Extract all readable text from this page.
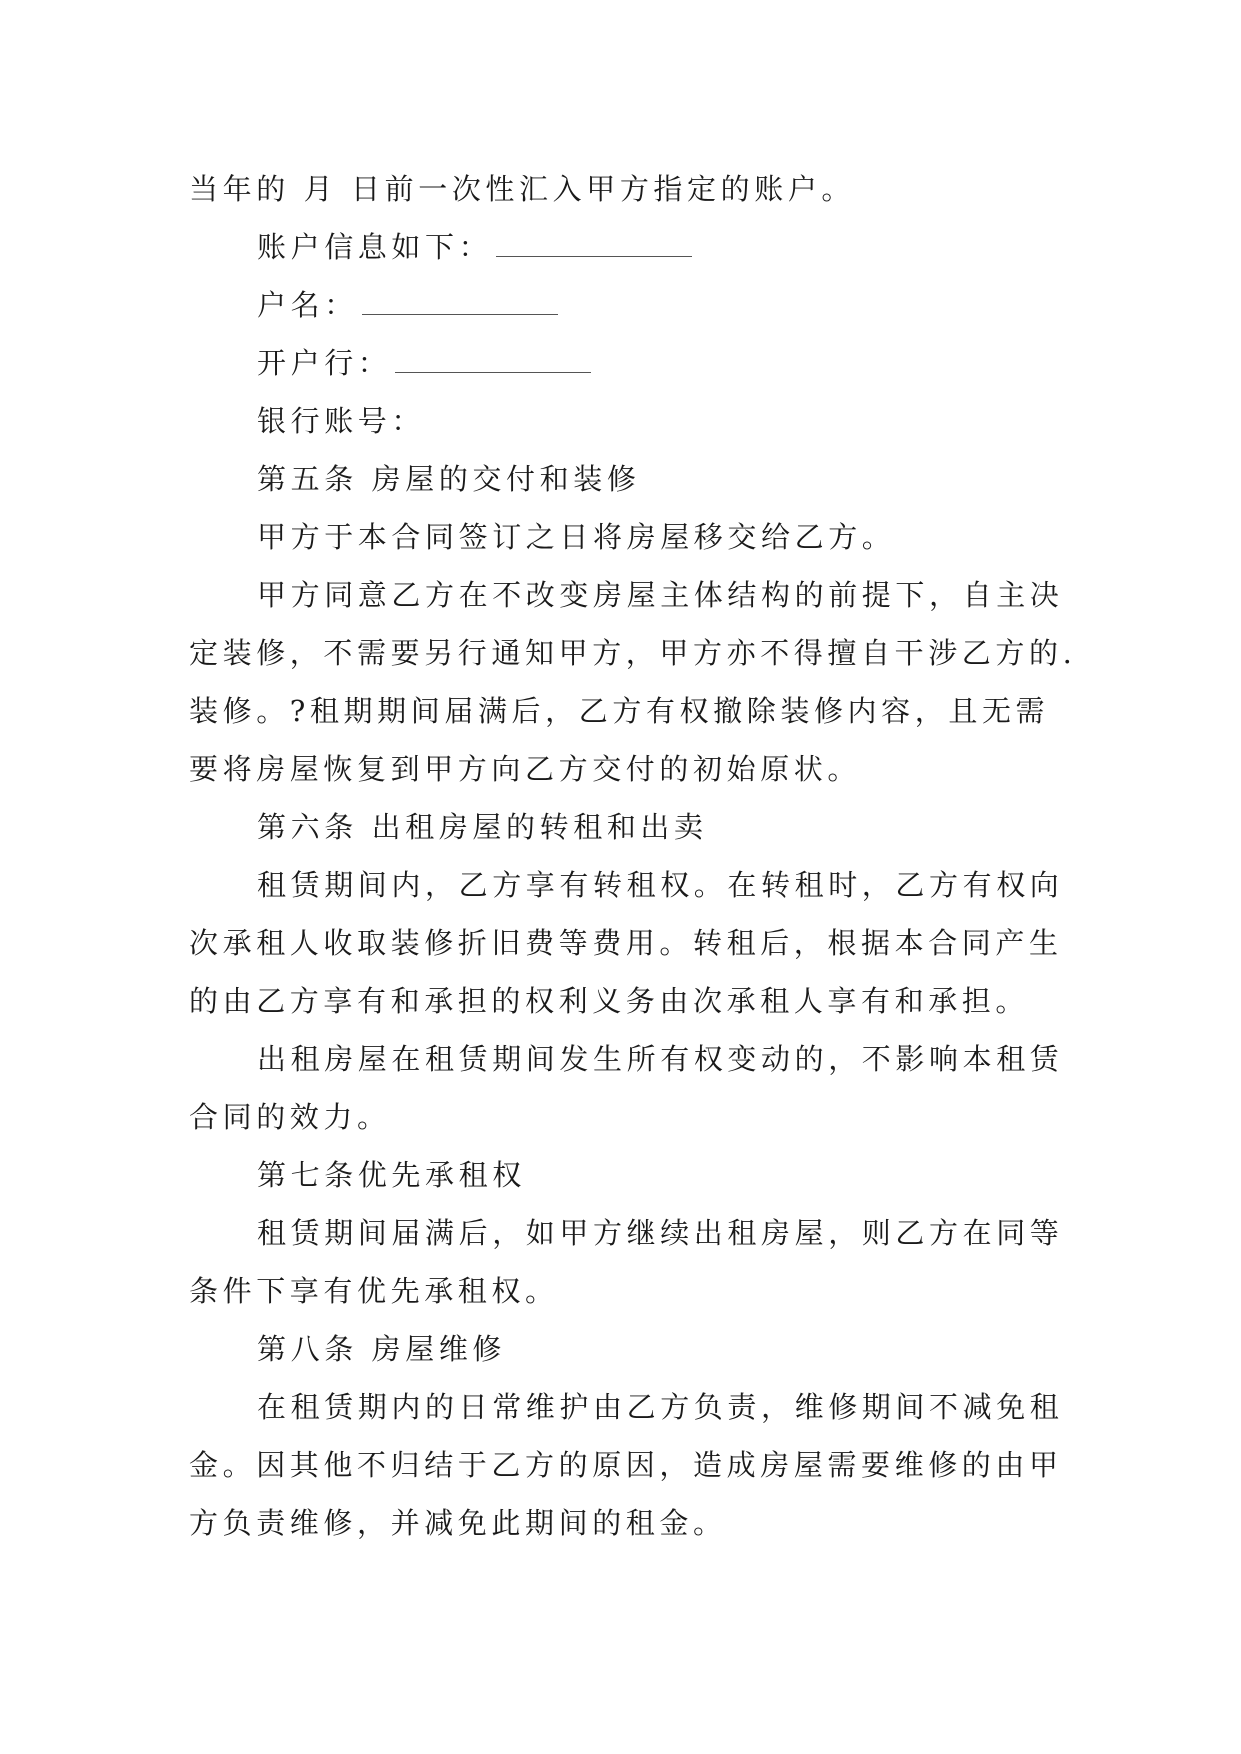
当年的 月 日前一次性汇入甲方指定的账户。
账户信息如下：
户名：
开户行：
银行账号：
第五条 房屋的交付和装修
甲方于本合同签订之日将房屋移交给乙方。
甲方同意乙方在不改变房屋主体结构的前提下，自主决
定装修，不需要另行通知甲方，甲方亦不得擅自干涉乙方的.
装修。?租期期间届满后，乙方有权撤除装修内容，且无需
要将房屋恢复到甲方向乙方交付的初始原状。
第六条 出租房屋的转租和出卖
租赁期间内，乙方享有转租权。在转租时，乙方有权向
次承租人收取装修折旧费等费用。转租后，根据本合同产生
的由乙方享有和承担的权利义务由次承租人享有和承担。
出租房屋在租赁期间发生所有权变动的，不影响本租赁
合同的效力。
第七条优先承租权
租赁期间届满后，如甲方继续出租房屋，则乙方在同等
条件下享有优先承租权。
第八条 房屋维修
在租赁期内的日常维护由乙方负责，维修期间不减免租
金。因其他不归结于乙方的原因，造成房屋需要维修的由甲
方负责维修，并减免此期间的租金。
